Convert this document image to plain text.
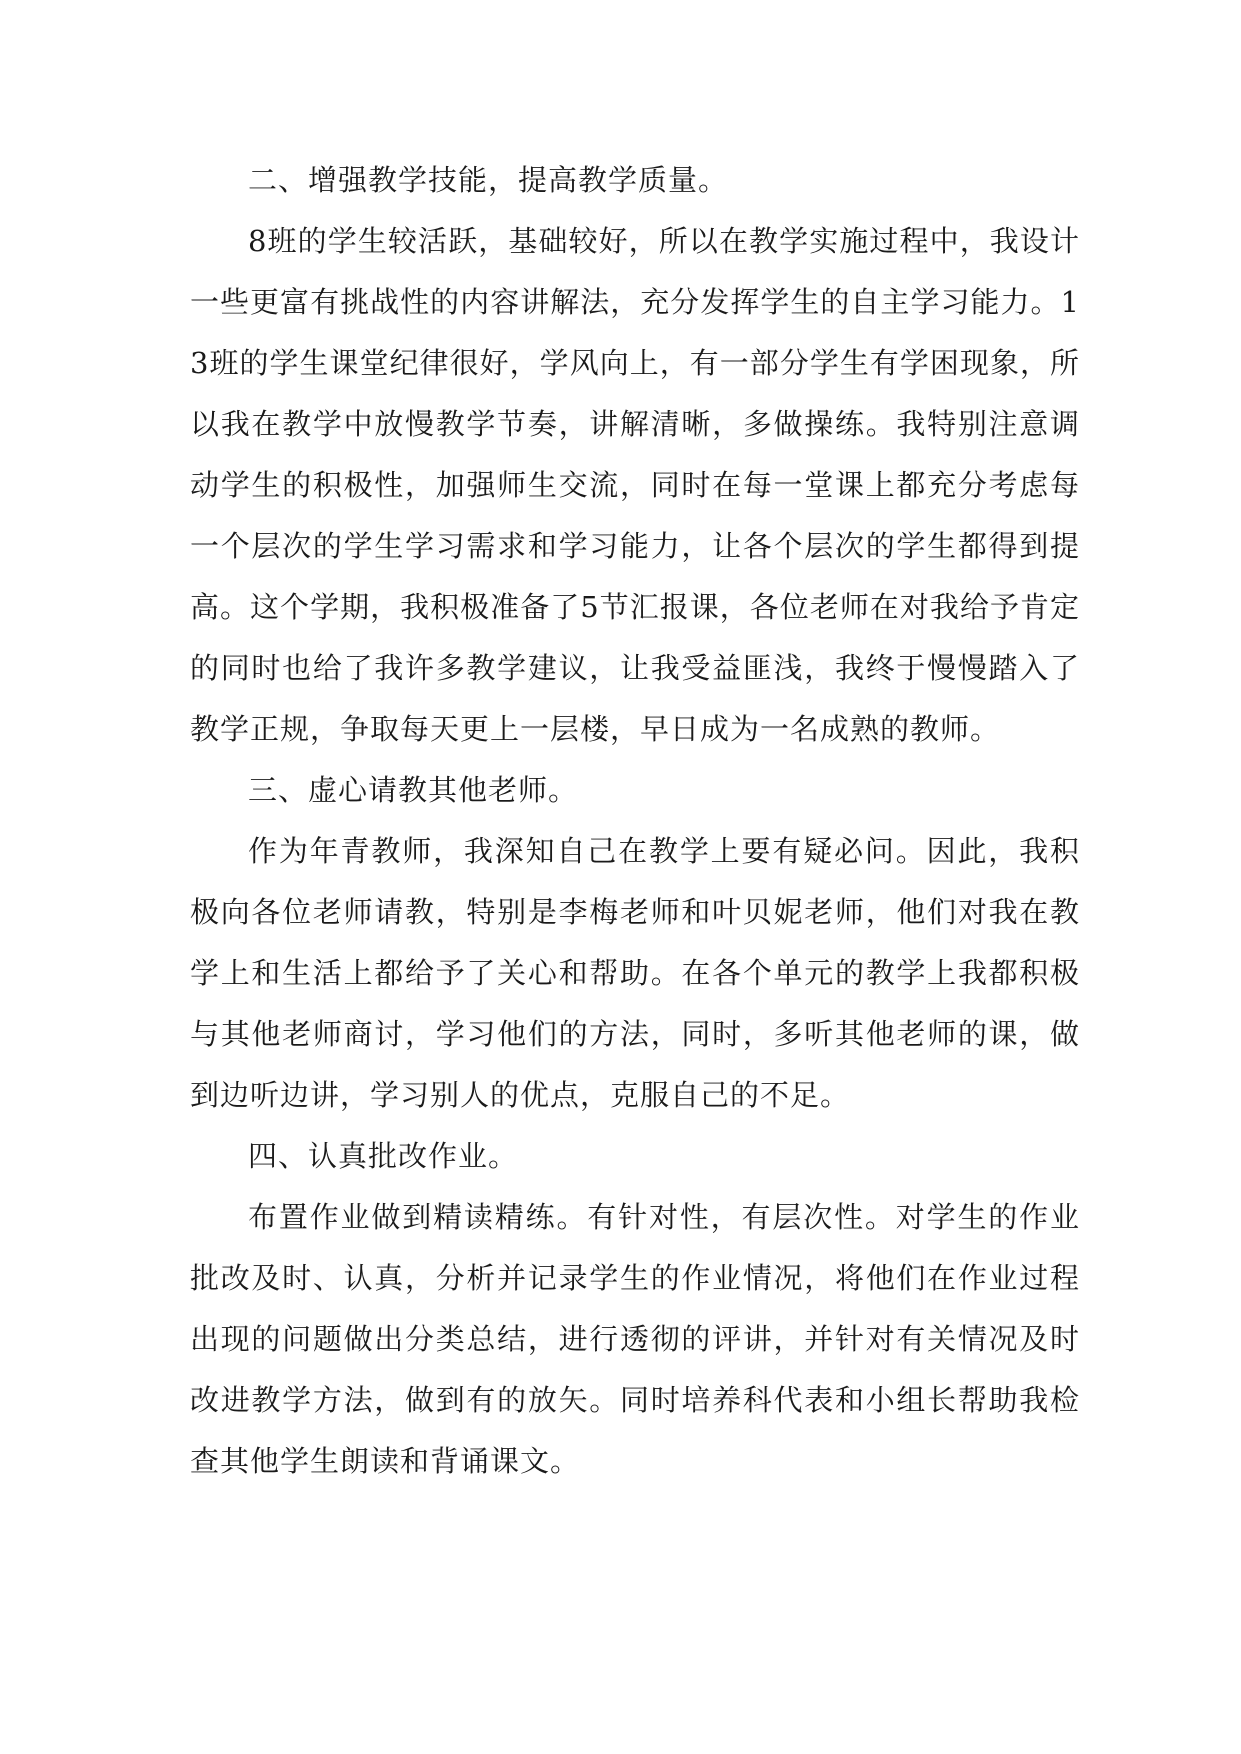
二、增强教学技能，提高教学质量。

8班的学生较活跃，基础较好，所以在教学实施过程中，我设计一些更富有挑战性的内容讲解法，充分发挥学生的自主学习能力。13班的学生课堂纪律很好，学风向上，有一部分学生有学困现象，所以我在教学中放慢教学节奏，讲解清晰，多做操练。我特别注意调动学生的积极性，加强师生交流，同时在每一堂课上都充分考虑每一个层次的学生学习需求和学习能力，让各个层次的学生都得到提高。这个学期，我积极准备了5节汇报课，各位老师在对我给予肯定的同时也给了我许多教学建议，让我受益匪浅，我终于慢慢踏入了教学正规，争取每天更上一层楼，早日成为一名成熟的教师。

三、虚心请教其他老师。

作为年青教师，我深知自己在教学上要有疑必问。因此，我积极向各位老师请教，特别是李梅老师和叶贝妮老师，他们对我在教学上和生活上都给予了关心和帮助。在各个单元的教学上我都积极与其他老师商讨，学习他们的方法，同时，多听其他老师的课，做到边听边讲，学习别人的优点，克服自己的不足。

四、认真批改作业。

布置作业做到精读精练。有针对性，有层次性。对学生的作业批改及时、认真，分析并记录学生的作业情况，将他们在作业过程出现的问题做出分类总结，进行透彻的评讲，并针对有关情况及时改进教学方法，做到有的放矢。同时培养科代表和小组长帮助我检查其他学生朗读和背诵课文。
